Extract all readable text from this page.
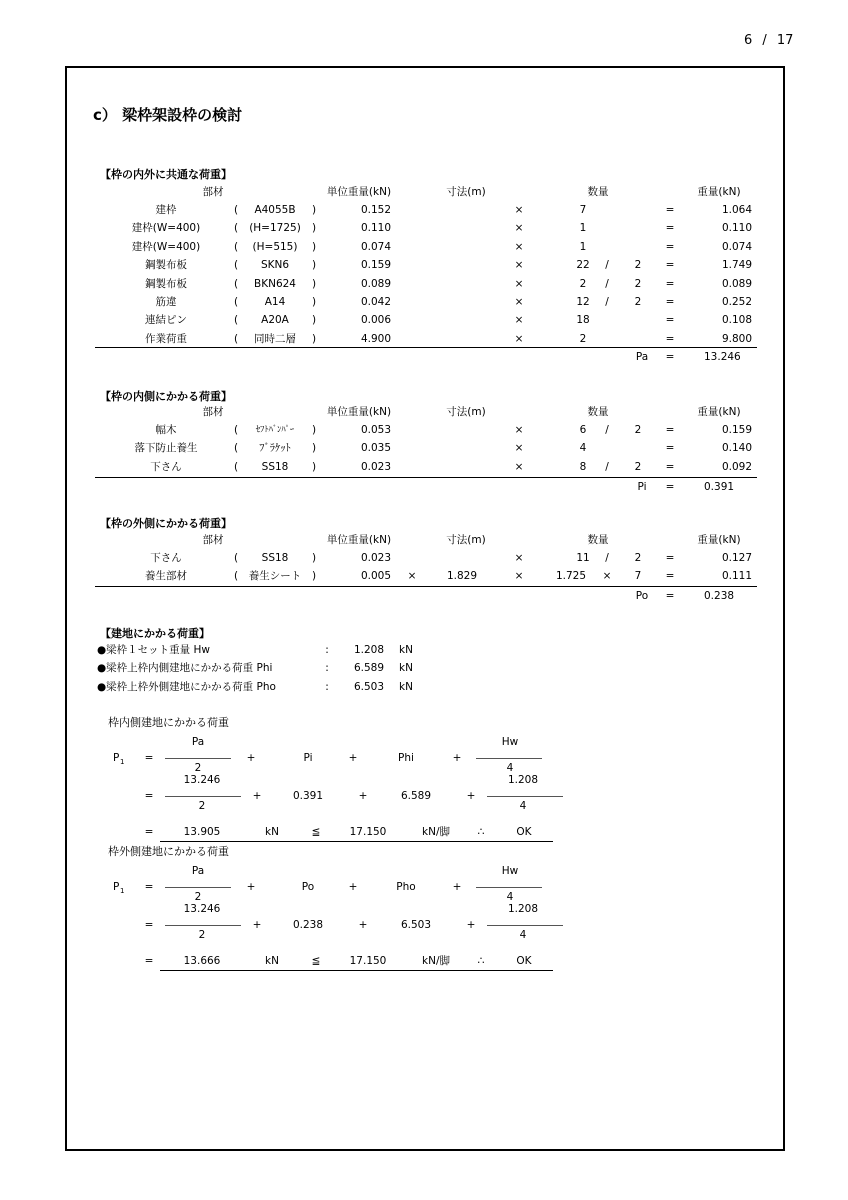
6 / 17
c） 梁枠架設枠の検討
【枠の内外に共通な荷重】
【枠の内側にかかる荷重】
【枠の外側にかかる荷重】
【建地にかかる荷重】
部材	単位重量(kN)	寸法(m)	数量	重量(kN)
部材	単位重量(kN)	寸法(m)	数量	重量(kN)
部材	単位重量(kN)	寸法(m)	数量	重量(kN)
建枠	( A4055B )	0.152	×	7	=	1.064
建枠(W=400)	( (H=1725) )	0.110	×	1	=	0.110
建枠(W=400)	( (H=515) )	0.074	×	1	=	0.074
鋼製布板	( SKN6 )	0.159	×	22 / 2 =	1.749
鋼製布板	( BKN624 )	0.089	×	2 / 2 =	0.089
筋違	(	A14	)	0.042	×	12 / 2 =	0.252
連結ピン	( A20A )	0.006	×	18	=	0.108
作業荷重	( 同時二層 )	4.900	×	2	=	9.800
幅木	( ｾﾌﾄﾊﾞﾝﾊﾟｰ )	0.053	×	6 / 2 =	0.159
落下防止養生	( ﾌﾞﾗｹｯﾄ )	0.035	×	4	=	0.140
下さん	( SS18 )	0.023	×	8 / 2 =	0.092
下さん	( SS18 )	0.023	×	11 / 2 =	0.127
養生部材	( 養生シート )	0.005 ×	1.829	×	1.725 × 7 =	0.111
Pa =	13.246
Pi =	0.391
Po =	0.238
●梁枠１セット重量 Hw	: 1.208 kN
●梁枠上枠内側建地にかかる荷重 Phi	: 6.589 kN
●梁枠上枠外側建地にかかる荷重 Pho	: 6.503 kN
枠内側建地にかかる荷重
P 1 =
Pa
2
+	Pi	+	Phi	+
Hw
4
=
13.246
2
+	0.391	+	6.589	+
1.208
4
=	13.905	kN	≦	17.150	kN/脚	∴	OK
枠外側建地にかかる荷重
P 1 =
Pa
2
+	Po	+	Pho	+
Hw
4
=
13.246
2
+	0.238	+	6.503	+
1.208
4
=	13.666	kN	≦	17.150	kN/脚	∴	OK
